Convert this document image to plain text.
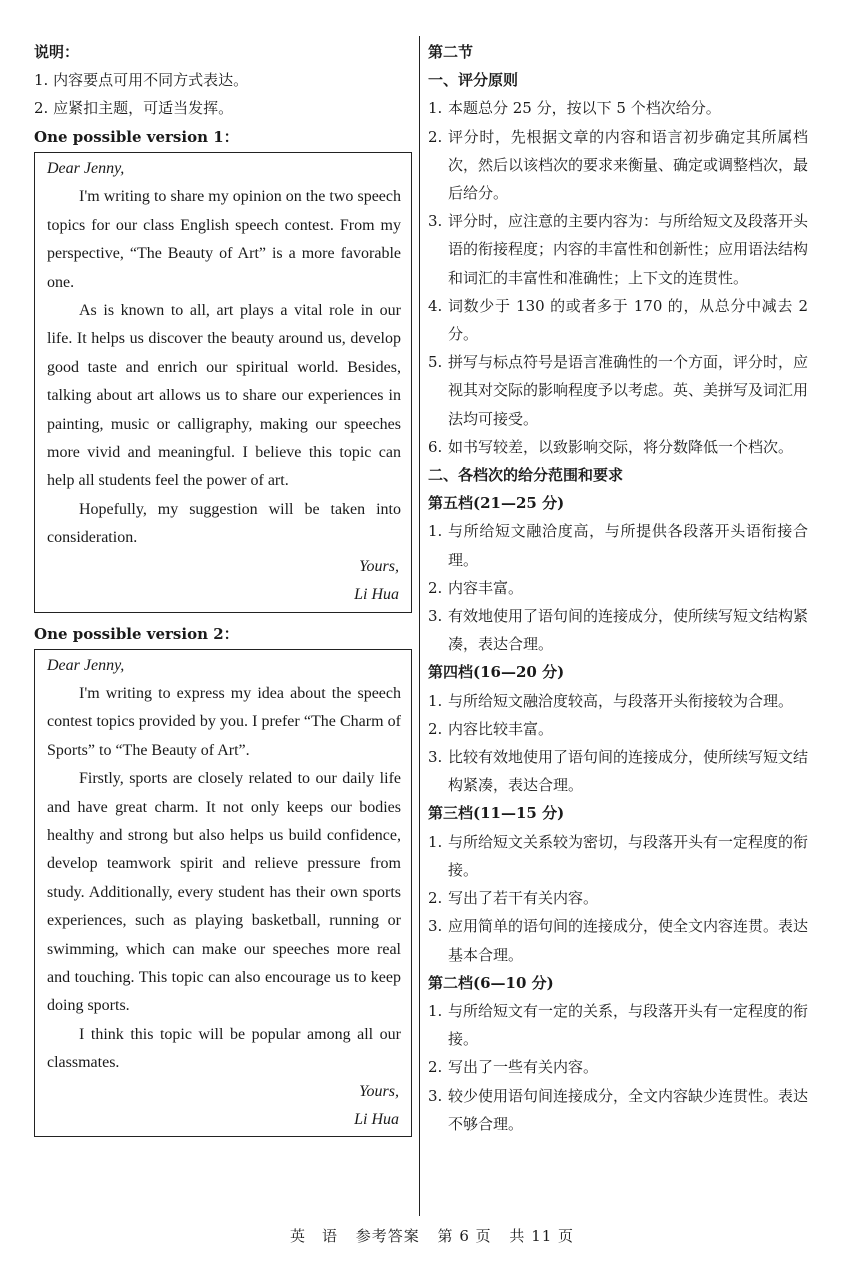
说明：
1. 内容要点可用不同方式表达。
2. 应紧扣主题，可适当发挥。
One possible version 1：

Dear Jenny,

I'm writing to share my opinion on the two speech topics for our class English speech contest. From my perspective, “The Beauty of Art” is a more favorable one.

As is known to all, art plays a vital role in our life. It helps us discover the beauty around us, develop good taste and enrich our spiritual world. Besides, talking about art allows us to share our experiences in painting, music or calligraphy, making our speeches more vivid and meaningful. I believe this topic can help all students feel the power of art.

Hopefully, my suggestion will be taken into consideration.

Yours,

Li Hua

One possible version 2：

Dear Jenny,

I'm writing to express my idea about the speech contest topics provided by you. I prefer “The Charm of Sports” to “The Beauty of Art”.

Firstly, sports are closely related to our daily life and have great charm. It not only keeps our bodies healthy and strong but also helps us build confidence, develop teamwork spirit and relieve pressure from study. Additionally, every student has their own sports experiences, such as playing basketball, running or swimming, which can make our speeches more real and touching. This topic can also encourage us to keep doing sports.

I think this topic will be popular among all our classmates.

Yours,

Li Hua

第二节
一、评分原则
1. 本题总分 25 分，按以下 5 个档次给分。
2. 评分时，先根据文章的内容和语言初步确定其所属档次，然后以该档次的要求来衡量、确定或调整档次，最后给分。
3. 评分时，应注意的主要内容为：与所给短文及段落开头语的衔接程度；内容的丰富性和创新性；应用语法结构和词汇的丰富性和准确性；上下文的连贯性。
4. 词数少于 130 的或者多于 170 的，从总分中减去 2 分。
5. 拼写与标点符号是语言准确性的一个方面，评分时，应视其对交际的影响程度予以考虑。英、美拼写及词汇用法均可接受。
6. 如书写较差，以致影响交际，将分数降低一个档次。
二、各档次的给分范围和要求
第五档(21—25 分)
1. 与所给短文融洽度高，与所提供各段落开头语衔接合理。
2. 内容丰富。
3. 有效地使用了语句间的连接成分，使所续写短文结构紧凑，表达合理。
第四档(16—20 分)
1. 与所给短文融洽度较高，与段落开头衔接较为合理。
2. 内容比较丰富。
3. 比较有效地使用了语句间的连接成分，使所续写短文结构紧凑，表达合理。
第三档(11—15 分)
1. 与所给短文关系较为密切，与段落开头有一定程度的衔接。
2. 写出了若干有关内容。
3. 应用简单的语句间的连接成分，使全文内容连贯。表达基本合理。
第二档(6—10 分)
1. 与所给短文有一定的关系，与段落开头有一定程度的衔接。
2. 写出了一些有关内容。
3. 较少使用语句间连接成分，全文内容缺少连贯性。表达不够合理。
英　语 参考答案 第 6 页 共 11 页
